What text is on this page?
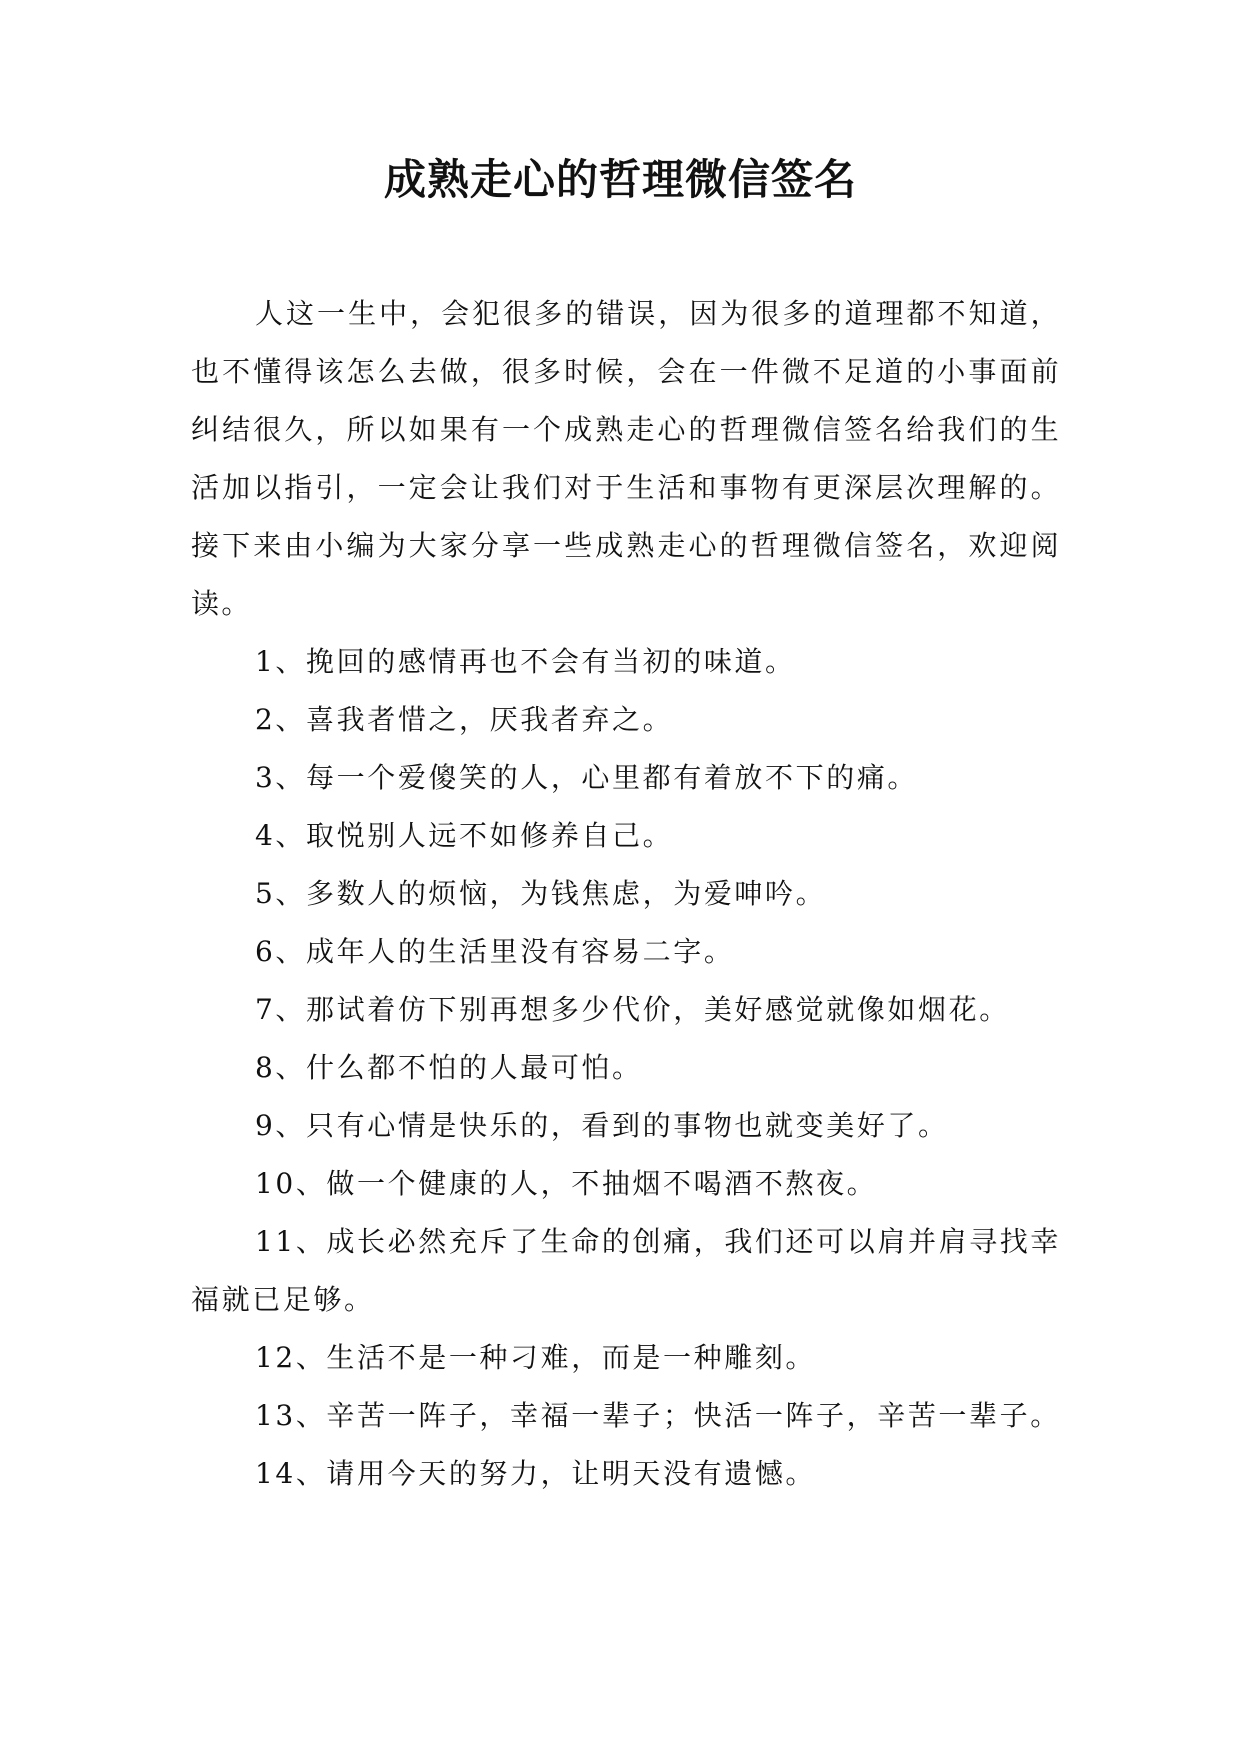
成熟走心的哲理微信签名

人这一生中，会犯很多的错误，因为很多的道理都不知道，也不懂得该怎么去做，很多时候，会在一件微不足道的小事面前纠结很久，所以如果有一个成熟走心的哲理微信签名给我们的生活加以指引，一定会让我们对于生活和事物有更深层次理解的。接下来由小编为大家分享一些成熟走心的哲理微信签名，欢迎阅读。

1、挽回的感情再也不会有当初的味道。

2、喜我者惜之，厌我者弃之。

3、每一个爱傻笑的人，心里都有着放不下的痛。

4、取悦别人远不如修养自己。

5、多数人的烦恼，为钱焦虑，为爱呻吟。

6、成年人的生活里没有容易二字。

7、那试着仿下别再想多少代价，美好感觉就像如烟花。

8、什么都不怕的人最可怕。

9、只有心情是快乐的，看到的事物也就变美好了。

10、做一个健康的人，不抽烟不喝酒不熬夜。

11、成长必然充斥了生命的创痛，我们还可以肩并肩寻找幸福就已足够。

12、生活不是一种刁难，而是一种雕刻。

13、辛苦一阵子，幸福一辈子；快活一阵子，辛苦一辈子。

14、请用今天的努力，让明天没有遗憾。
